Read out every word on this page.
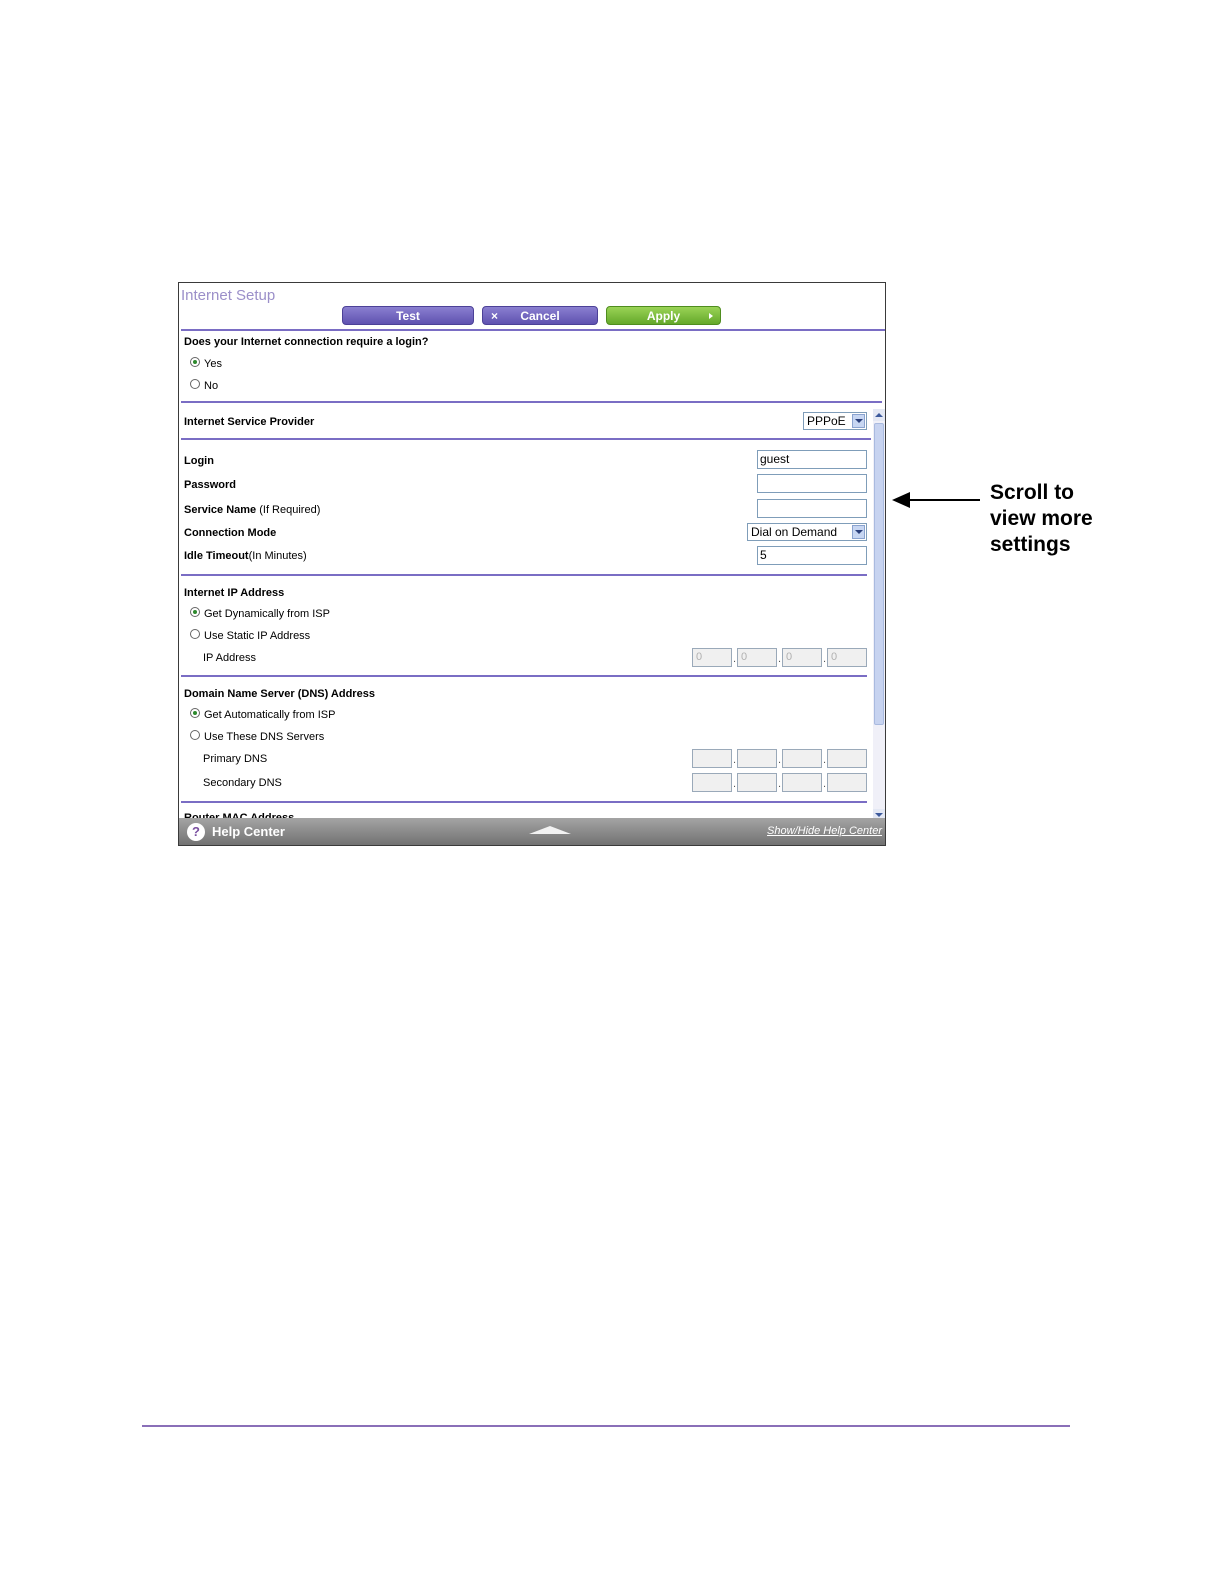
Internet Setup
Test	× Cancel	Apply
Does your Internet connection require a login?
Yes
No
Internet Service Provider	PPPoE
Login	guest
Password
Service Name (If Required)
Connection Mode	Dial on Demand
Idle Timeout(In Minutes)	5
Internet IP Address
Get Dynamically from ISP
Use Static IP Address
IP Address	0	. 0	. 0	. 0
Domain Name Server (DNS) Address
Get Automatically from ISP
Use These DNS Servers
Primary DNS	.	.	.
Secondary DNS	.	.	.
? Help Center	Show/Hide Help Center
Scroll to
view more
settings
